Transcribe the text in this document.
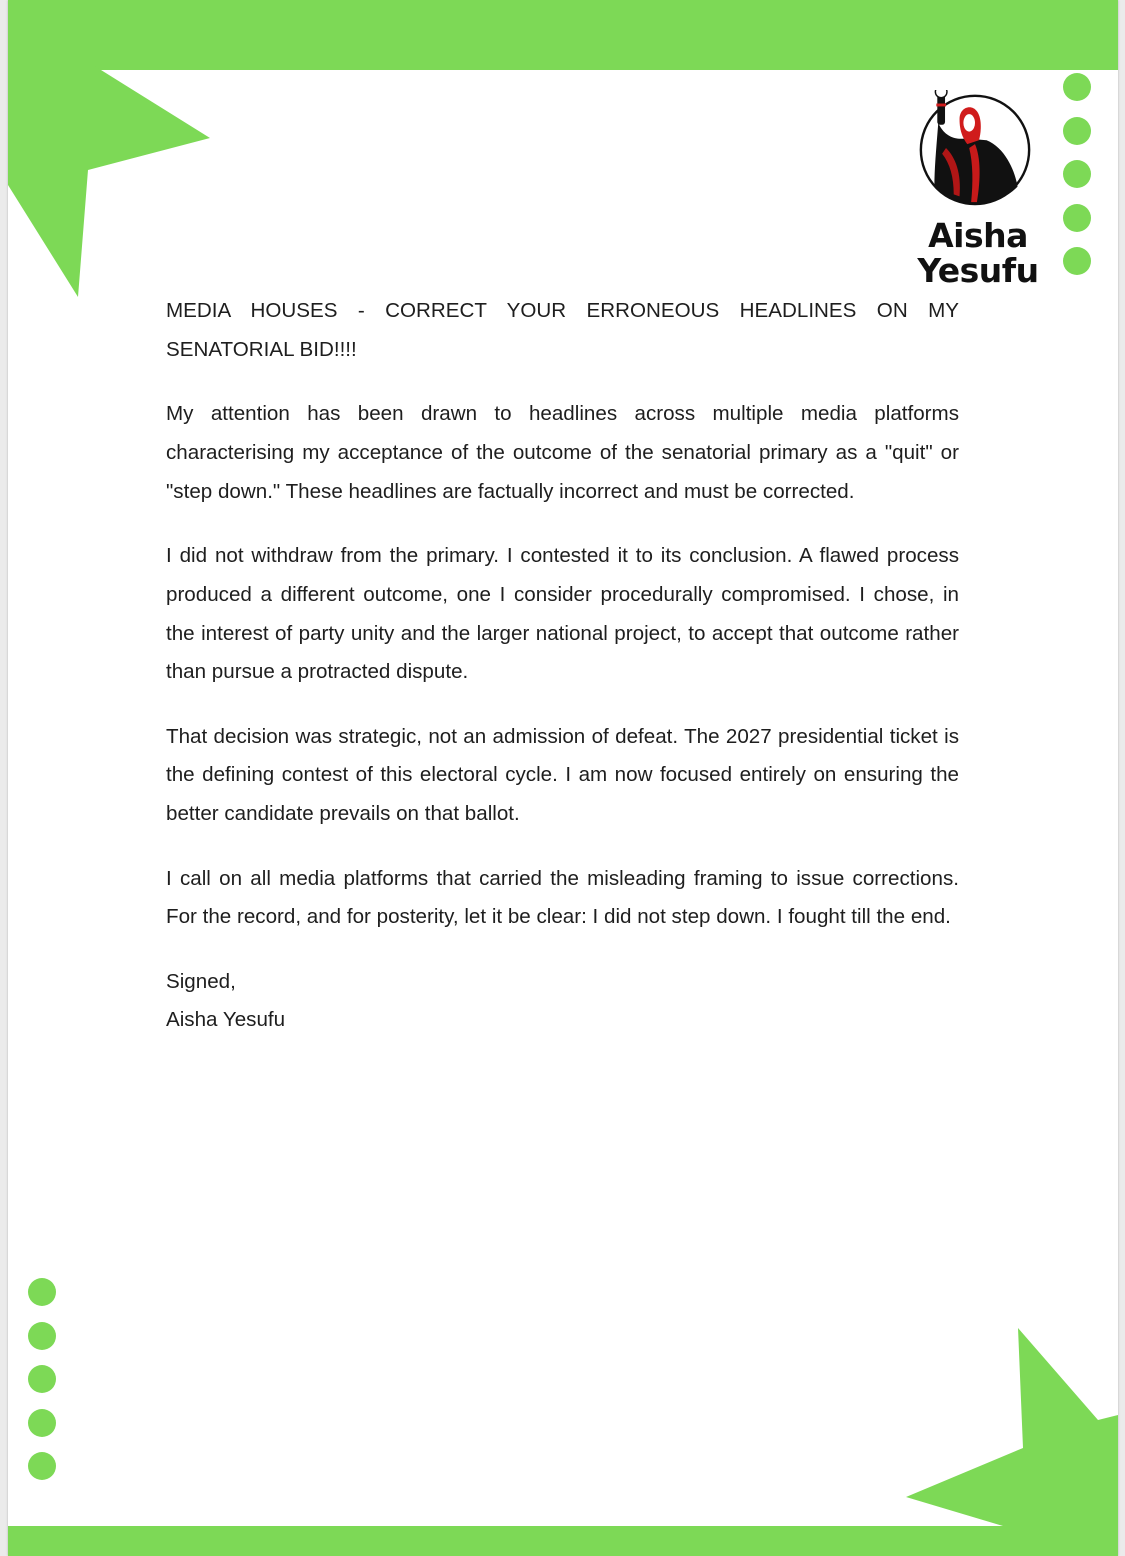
Aisha
Yesufu

MEDIA HOUSES - CORRECT YOUR ERRONEOUS HEADLINES ON MY SENATORIAL BID!!!!

My attention has been drawn to headlines across multiple media platforms characterising my acceptance of the outcome of the senatorial primary as a "quit" or "step down." These headlines are factually incorrect and must be corrected.

I did not withdraw from the primary. I contested it to its conclusion. A flawed process produced a different outcome, one I consider procedurally compromised. I chose, in the interest of party unity and the larger national project, to accept that outcome rather than pursue a protracted dispute.

That decision was strategic, not an admission of defeat. The 2027 presidential ticket is the defining contest of this electoral cycle. I am now focused entirely on ensuring the better candidate prevails on that ballot.

I call on all media platforms that carried the misleading framing to issue corrections. For the record, and for posterity, let it be clear: I did not step down. I fought till the end.

Signed,
Aisha Yesufu
